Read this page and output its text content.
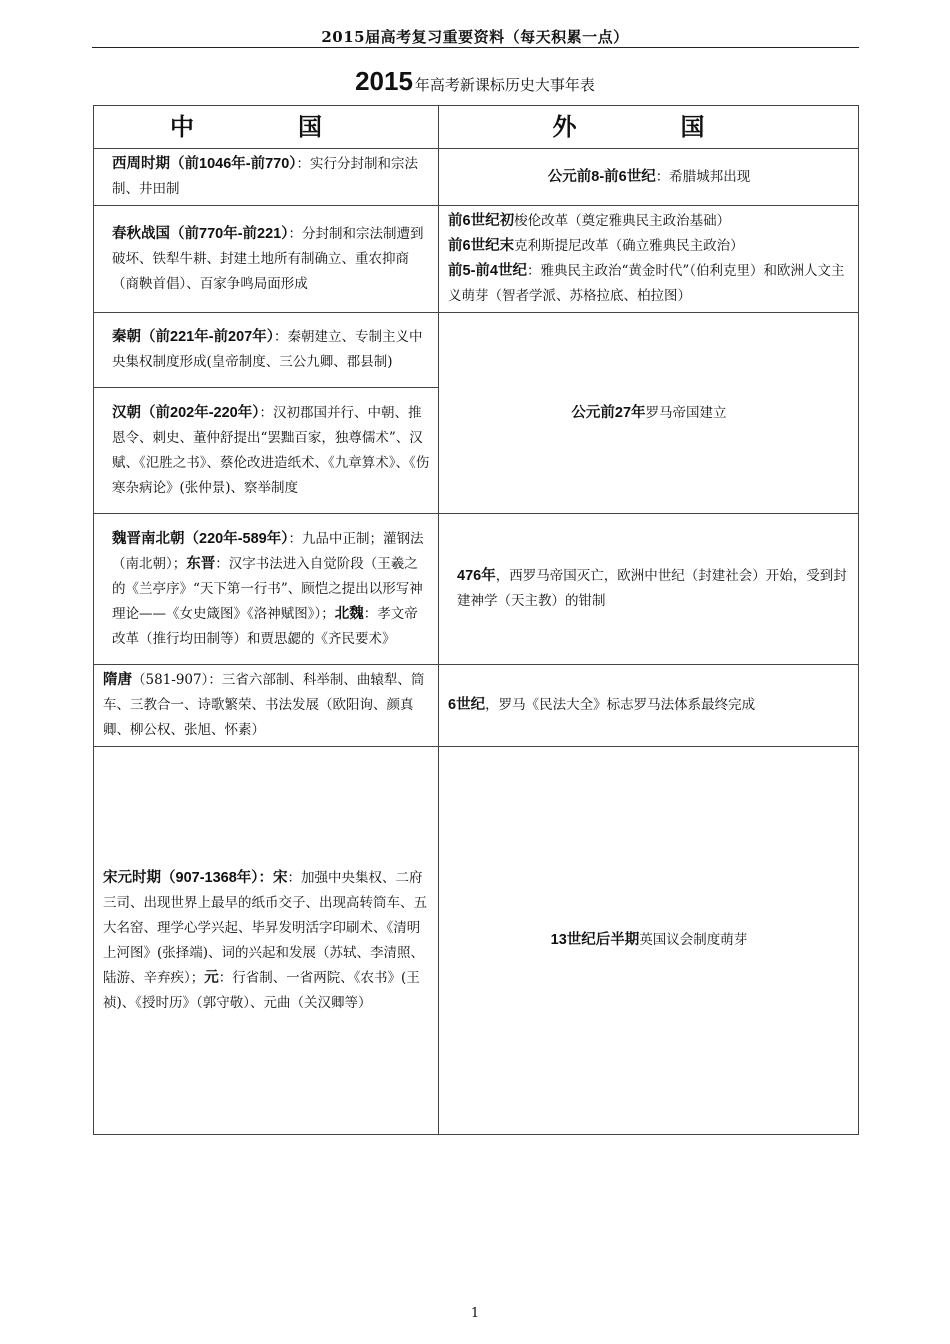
2015届高考复习重要资料（每天积累一点）
2015 年高考新课标历史大事年表
中　国	外　国
西周时期（前1046年-前770）：实行分封制和宗法制、井田制	公元前8-前6世纪：希腊城邦出现
春秋战国（前770年-前221）：分封制和宗法制遭到破坏、铁犁牛耕、封建土地所有制确立、重农抑商（商鞅首倡）、百家争鸣局面形成	前6世纪初梭伦改革（奠定雅典民主政治基础）
前6世纪末克利斯提尼改革（确立雅典民主政治）
前5-前4世纪：雅典民主政治“黄金时代”（伯利克里）和欧洲人文主义萌芽（智者学派、苏格拉底、柏拉图）

秦朝（前221年-前207年）：秦朝建立、专制主义中央集权制度形成(皇帝制度、三公九卿、郡县制)	公元前27年罗马帝国建立
汉朝（前202年-220年）：汉初郡国并行、中朝、推恩令、刺史、董仲舒提出“罢黜百家，独尊儒术”、汉赋、《氾胜之书》、蔡伦改进造纸术、《九章算术》、《伤寒杂病论》(张仲景)、察举制度	
魏晋南北朝（220年-589年）：九品中正制；灌钢法（南北朝）；东晋：汉字书法进入自觉阶段（王羲之的《兰亭序》“天下第一行书”、顾恺之提出以形写神理论——《女史箴图》《洛神赋图》）；北魏：孝文帝改革（推行均田制等）和贾思勰的《齐民要术》	476年，西罗马帝国灭亡，欧洲中世纪（封建社会）开始，受到封建神学（天主教）的钳制
隋唐（581-907）：三省六部制、科举制、曲辕犁、筒车、三教合一、诗歌繁荣、书法发展（欧阳询、颜真卿、柳公权、张旭、怀素）	6世纪，罗马《民法大全》标志罗马法体系最终完成
宋元时期（907-1368年）：宋：加强中央集权、二府三司、出现世界上最早的纸币交子、出现高转筒车、五大名窑、理学心学兴起、毕昇发明活字印刷术、《清明上河图》(张择端)、词的兴起和发展（苏轼、李清照、陆游、辛弃疾）；元：行省制、一省两院、《农书》(王祯)、《授时历》（郭守敬）、元曲（关汉卿等）	13世纪后半期英国议会制度萌芽
1
